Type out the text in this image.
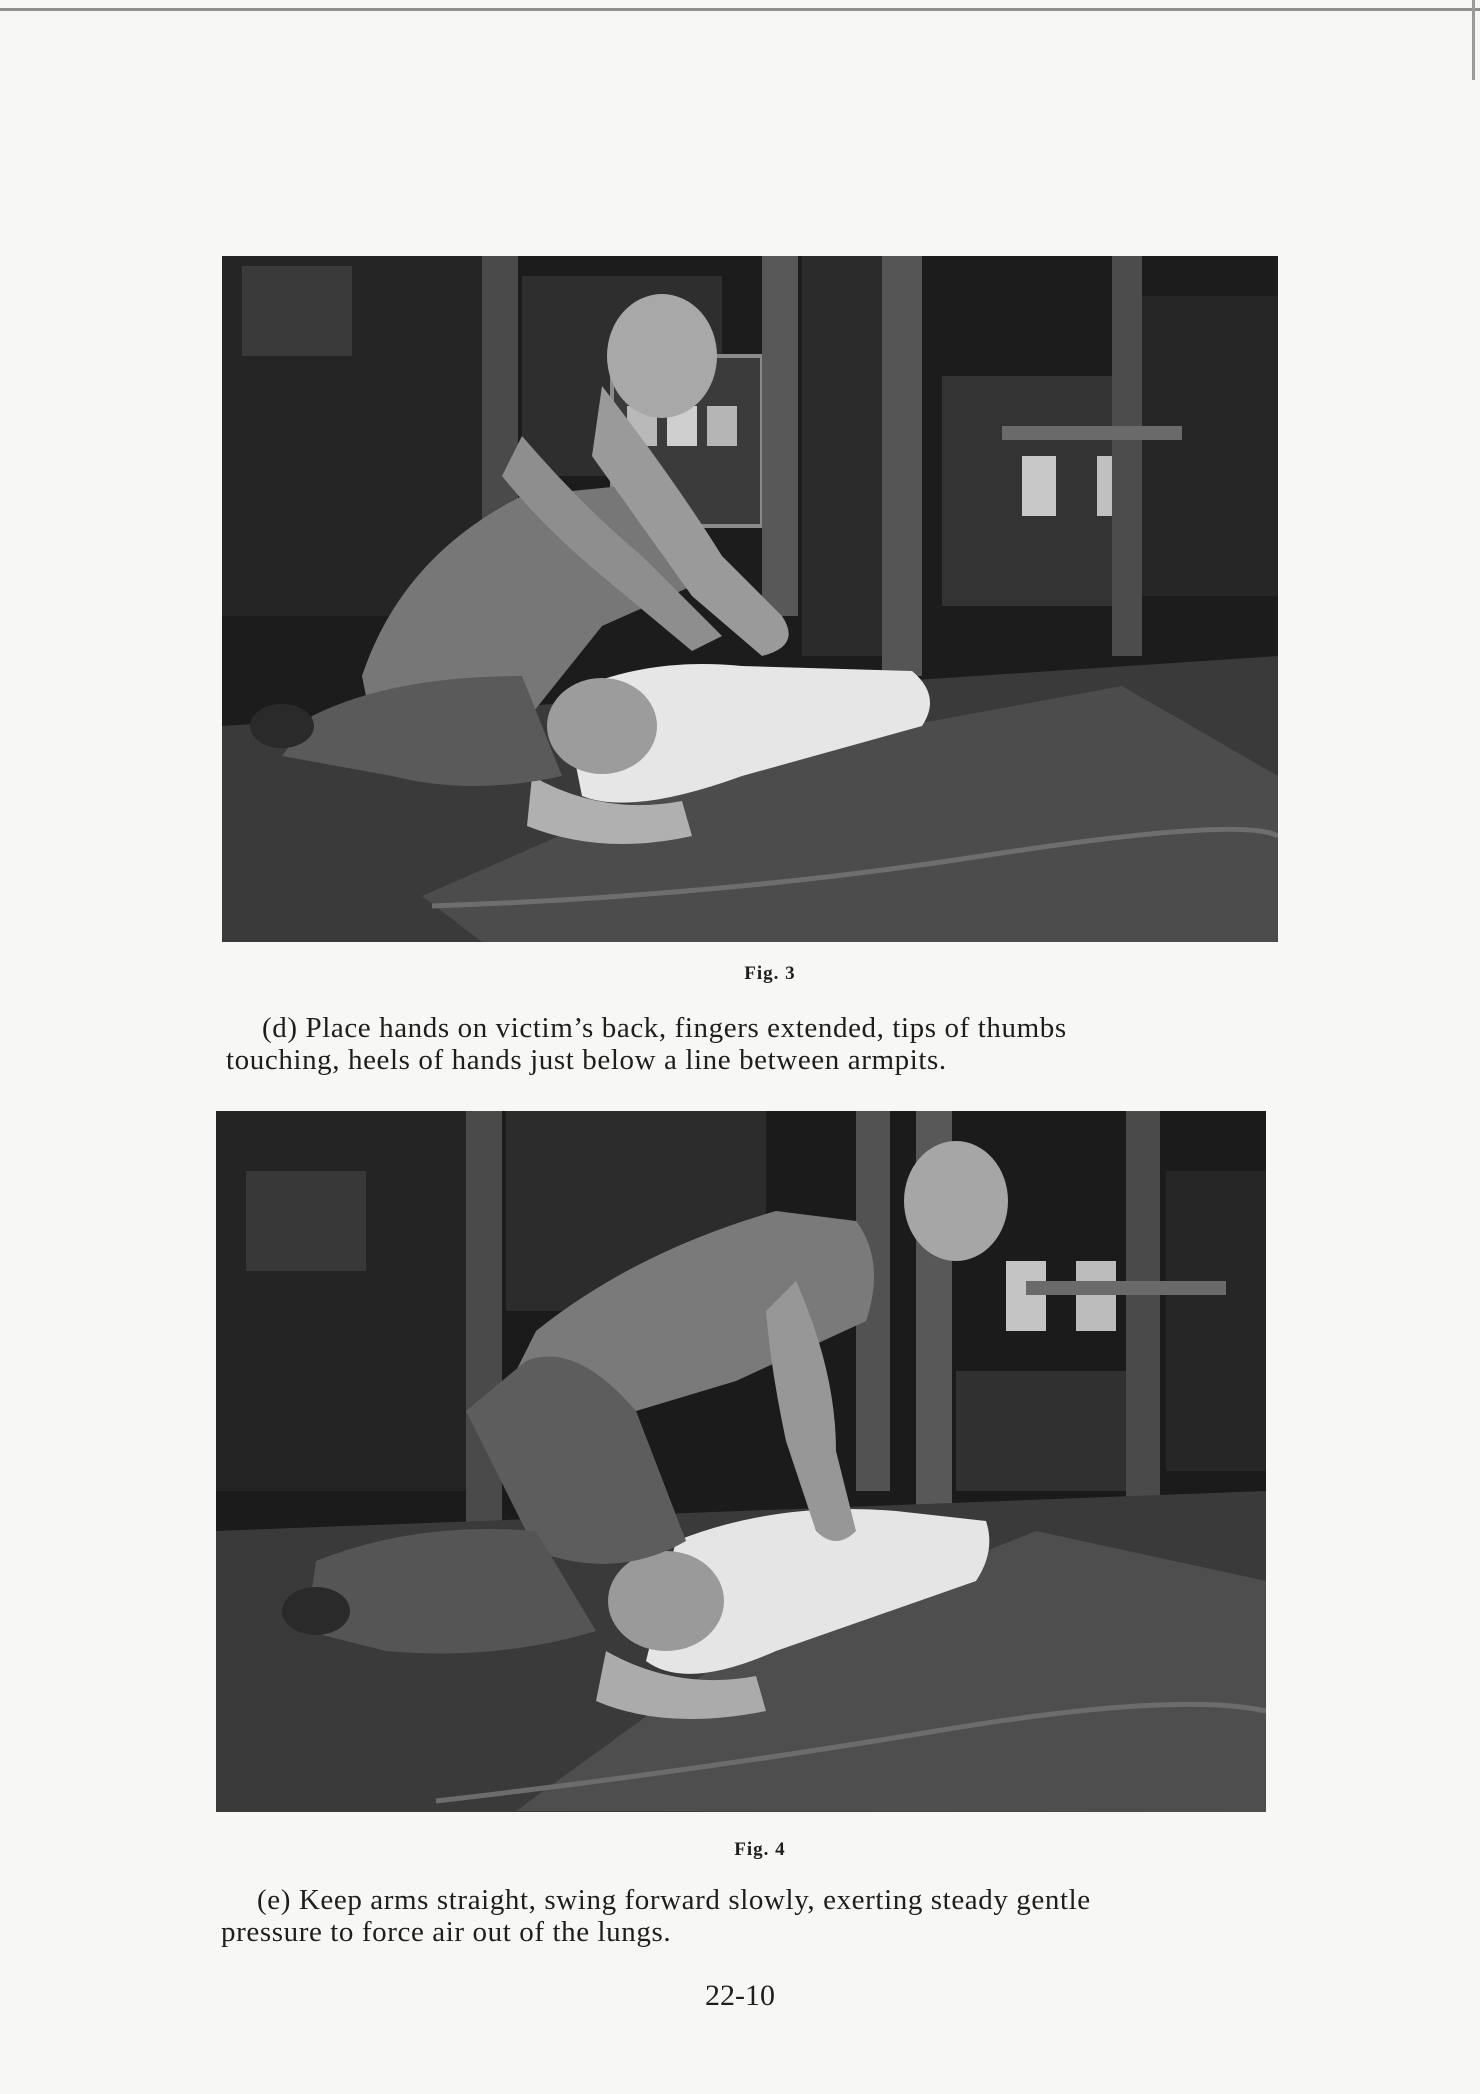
Fig. 3
(d) Place hands on victim’s back, fingers extended, tips of thumbs
touching, heels of hands just below a line between armpits.
Fig. 4
(e) Keep arms straight, swing forward slowly, exerting steady gentle
pressure to force air out of the lungs.
22-10
